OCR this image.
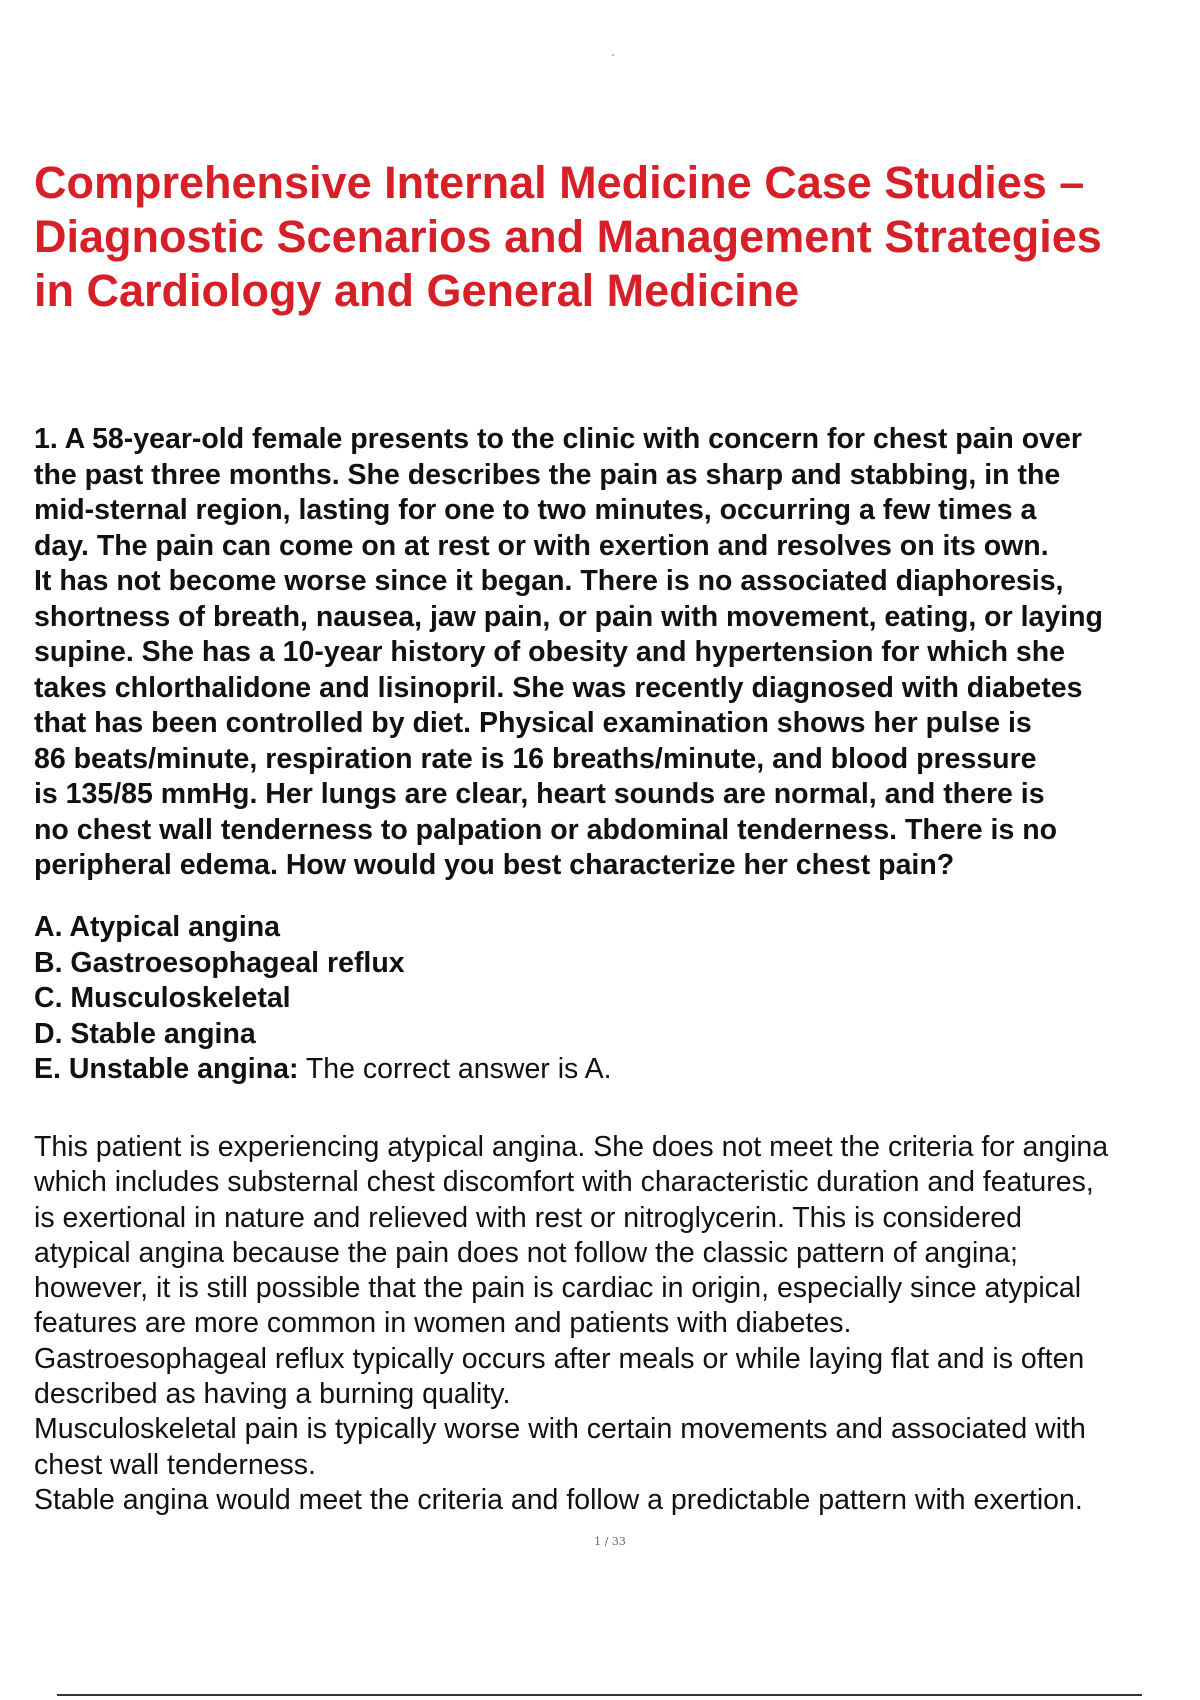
Comprehensive Internal Medicine Case Studies –
Diagnostic Scenarios and Management Strategies
in Cardiology and General Medicine

1. A 58-year-old female presents to the clinic with concern for chest pain over
the past three months. She describes the pain as sharp and stabbing, in the
mid-sternal region, lasting for one to two minutes, occurring a few times a
day. The pain can come on at rest or with exertion and resolves on its own.
It has not become worse since it began. There is no associated diaphoresis,
shortness of breath, nausea, jaw pain, or pain with movement, eating, or laying
supine. She has a 10-year history of obesity and hypertension for which she
takes chlorthalidone and lisinopril. She was recently diagnosed with diabetes
that has been controlled by diet. Physical examination shows her pulse is
86 beats/minute, respiration rate is 16 breaths/minute, and blood pressure
is 135/85 mmHg. Her lungs are clear, heart sounds are normal, and there is
no chest wall tenderness to palpation or abdominal tenderness. There is no
peripheral edema. How would you best characterize her chest pain?

A. Atypical angina
B. Gastroesophageal reflux
C. Musculoskeletal
D. Stable angina
E. Unstable angina: The correct answer is A.

This patient is experiencing atypical angina. She does not meet the criteria for angina
which includes substernal chest discomfort with characteristic duration and features,
is exertional in nature and relieved with rest or nitroglycerin. This is considered
atypical angina because the pain does not follow the classic pattern of angina;
however, it is still possible that the pain is cardiac in origin, especially since atypical
features are more common in women and patients with diabetes.
Gastroesophageal reflux typically occurs after meals or while laying flat and is often
described as having a burning quality.
Musculoskeletal pain is typically worse with certain movements and associated with
chest wall tenderness.
Stable angina would meet the criteria and follow a predictable pattern with exertion.

1 / 33
